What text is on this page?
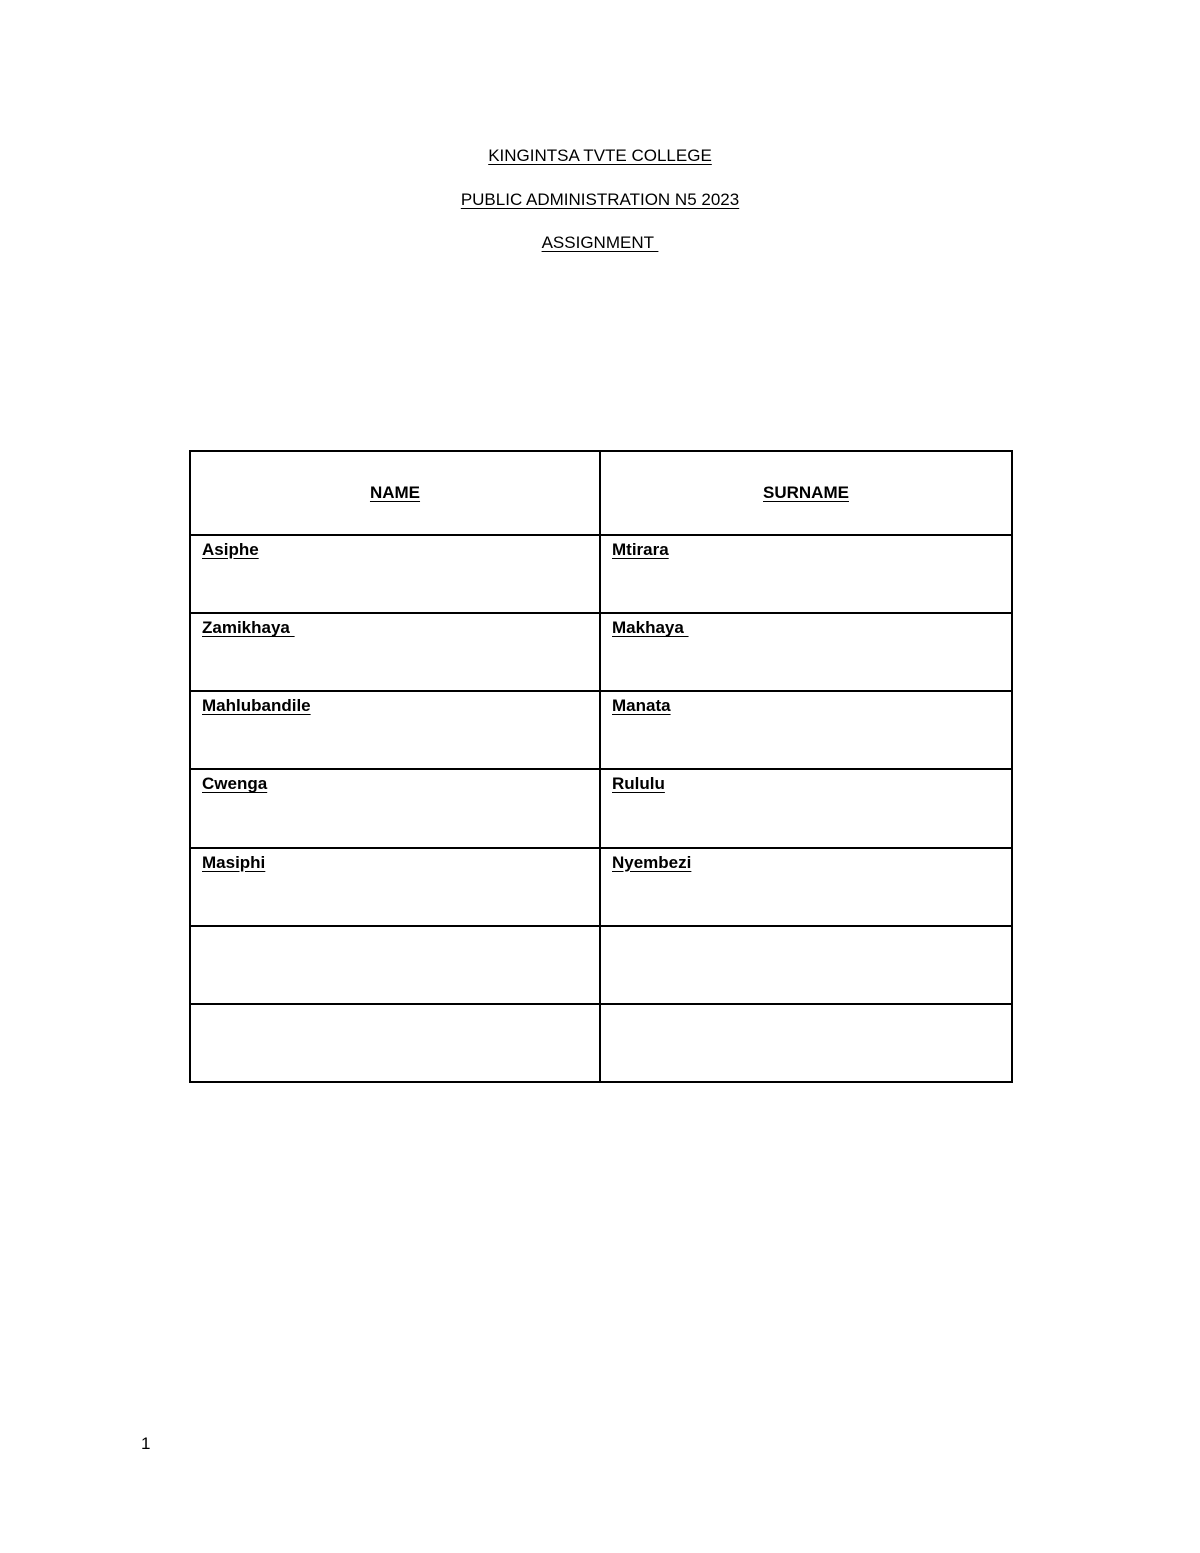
KINGINTSA TVTE COLLEGE
PUBLIC ADMINISTRATION N5 2023
ASSIGNMENT
NAME	SURNAME

Asiphe	Mtirara

Zamikhaya	Makhaya

Mahlubandile	Manata

Cwenga	Rululu

Masiphi	Nyembezi

1
